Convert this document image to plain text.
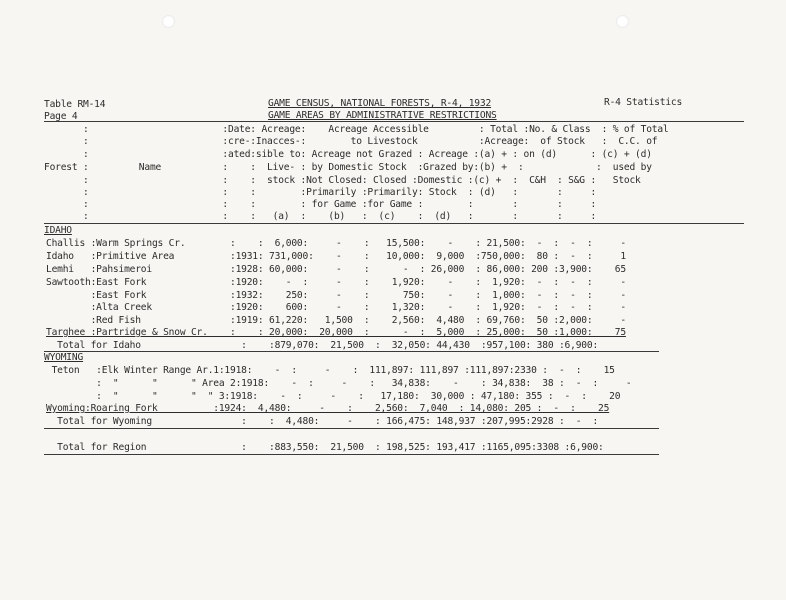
Table RM-14
Page 4
GAME CENSUS, NATIONAL FORESTS, R-4, 1932
GAME AREAS BY ADMINISTRATIVE RESTRICTIONS
R-4 Statistics
:                        :Date: Acreage:    Acreage Accessible         : Total :No. & Class  : % of Total
:                        :cre-:Inacces-:        to Livestock           :Acreage:  of Stock   :  C.C. of
:                        :ated:sible to: Acreage not Grazed : Acreage :(a) + : on (d)      : (c) + (d)
Forest :         Name           :    :  Live- : by Domestic Stock  :Grazed by:(b) +  :             :  used by
:                        :    :  stock :Not Closed: Closed :Domestic :(c) +  :  C&H  : S&G :   Stock
:                        :    :        :Primarily :Primarily: Stock  : (d)   :       :     :
:                        :    :        : for Game :for Game :        :       :       :     :
:                        :    :   (a)  :    (b)   :  (c)    :  (d)   :       :       :     :
IDAHO
Challis :Warm Springs Cr.        :    :  6,000:     -    :   15,500:    -    : 21,500:  -  :  -  :     -
Idaho   :Primitive Area          :1931: 731,000:    -    :   10,000:  9,000  :750,000:  80 :  -  :     1
Lemhi   :Pahsimeroi              :1928: 60,000:     -    :      -  : 26,000  : 86,000: 200 :3,900:    65
Sawtooth:East Fork               :1920:    -  :     -    :    1,920:    -    :  1,920:  -  :  -  :     -
:East Fork               :1932:    250:     -    :      750:    -    :  1,000:  -  :  -  :     -
:Alta Creek              :1920:    600:     -    :    1,320:    -    :  1,920:  -  :  -  :     -
:Red Fish                :1919: 61,220:   1,500  :    2,560:  4,480  : 69,760:  50 :2,000:     -
Targhee :Partridge & Snow Cr.    :    : 20,000:  20,000  :      -  :  5,000  : 25,000:  50 :1,000:    75
Total for Idaho                  :    :879,070:  21,500  :  32,050: 44,430  :957,100: 380 :6,900:
WYOMING
Teton   :Elk Winter Range Ar.1:1918:    -  :     -    :  111,897: 111,897 :111,897:2330 :  -  :    15
:  "      "      " Area 2:1918:    -  :     -    :   34,838:    -    : 34,838:  38 :  -  :     -
:  "      "      "  " 3:1918:    -  :     -    :   17,180:  30,000 : 47,180: 355 :  -  :    20
Wyoming:Roaring Fork          :1924:  4,480:     -    :    2,560:  7,040  : 14,080: 205 :  -  :    25
Total for Wyoming                :    :  4,480:     -    : 166,475: 148,937 :207,995:2928 :  -  :
Total for Region                 :    :883,550:  21,500  : 198,525: 193,417 :1165,095:3308 :6,900:
